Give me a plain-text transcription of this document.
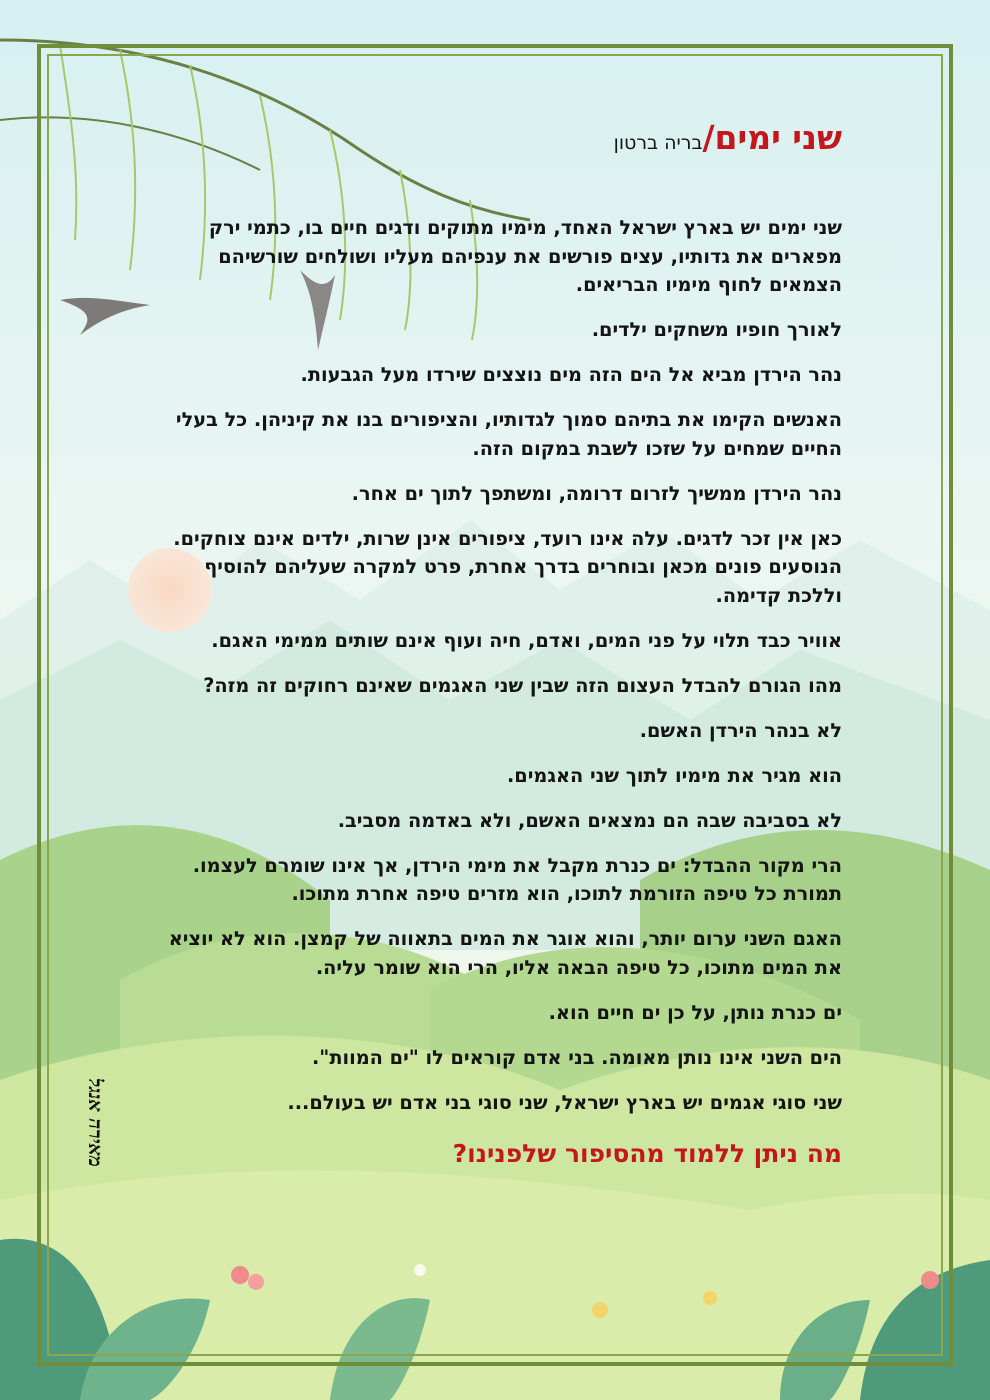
שני ימים/בריה ברטון

שני ימים יש בארץ ישראל האחד, מימיו מתוקים ודגים חיים בו, כתמי ירק מפארים את גדותיו, עצים פורשים את ענפיהם מעליו ושולחים שורשיהם הצמאים לחוף מימיו הבריאים.

לאורך חופיו משחקים ילדים.

נהר הירדן מביא אל הים הזה מים נוצצים שירדו מעל הגבעות.

האנשים הקימו את בתיהם סמוך לגדותיו, והציפורים בנו את קיניהן. כל בעלי החיים שמחים על שזכו לשבת במקום הזה.

נהר הירדן ממשיך לזרום דרומה, ומשתפך לתוך ים אחר.

כאן אין זכר לדגים. עלה אינו רועד, ציפורים אינן שרות, ילדים אינם צוחקים. הנוסעים פונים מכאן ובוחרים בדרך אחרת, פרט למקרה שעליהם להוסיף וללכת קדימה.

אוויר כבד תלוי על פני המים, ואדם, חיה ועוף אינם שותים ממימי האגם.

מהו הגורם להבדל העצום הזה שבין שני האגמים שאינם רחוקים זה מזה?

לא בנהר הירדן האשם.

הוא מגיר את מימיו לתוך שני האגמים.

לא בסביבה שבה הם נמצאים האשם, ולא באדמה מסביב.

הרי מקור ההבדל: ים כנרת מקבל את מימי הירדן, אך אינו שומרם לעצמו. תמורת כל טיפה הזורמת לתוכו, הוא מזרים טיפה אחרת מתוכו.

האגם השני ערום יותר, והוא אוגר את המים בתאווה של קמצן. הוא לא יוציא את המים מתוכו, כל טיפה הבאה אליו, הרי הוא שומר עליה.

ים כנרת נותן, על כן ים חיים הוא.

הים השני אינו נותן מאומה. בני אדם קוראים לו "ים המוות".

שני סוגי אגמים יש בארץ ישראל, שני סוגי בני אדם יש בעולם...

מה ניתן ללמוד מהסיפור שלפנינו?

מאירה אנגל
